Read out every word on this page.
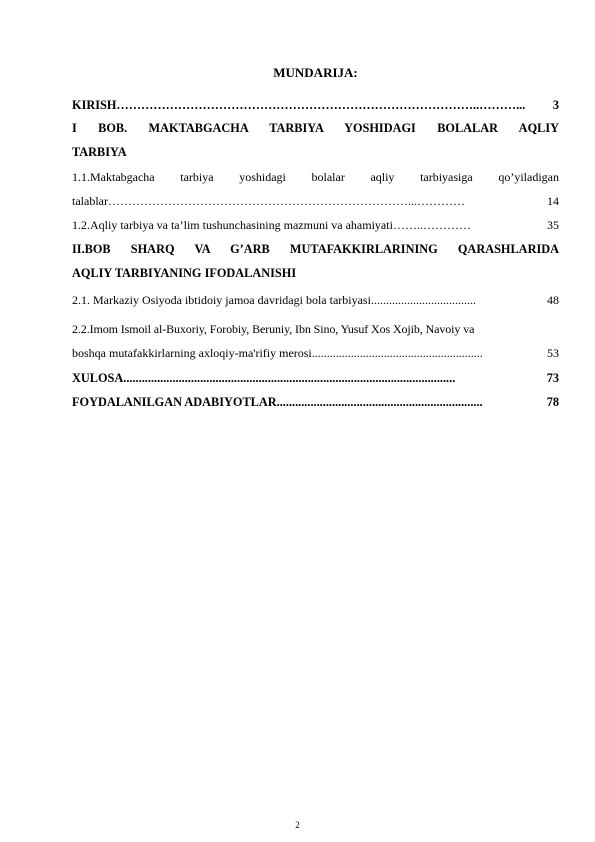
MUNDARIJA:
KIRISH ……………………………………………………………………………..………...	3
I BOB. MAKTABGACHA TARBIYA YOSHIDAGI BOLALAR AQLIY
TARBIYA
1.1.Maktabgacha tarbiya yoshidagi bolalar aqliy tarbiyasiga qo’yiladigan
talablar …………………………………………………………………...…………	14
1.2.Aqliy tarbiya va ta’lim tushunchasining mazmuni va ahamiyati ……..…………	35
II.BOB SHARQ VA G’ARB MUTAFAKKIRLARINING QARASHLARIDA
AQLIY TARBIYANING IFODALANISHI
2.1. Markaziy Osiyoda ibtidoiy jamoa davridagi bola tarbiyasi ...................................	48
2.2.Imom Ismoil al-Buxoriy, Forobiy, Beruniy, Ibn Sino, Yusuf Xos Xojib, Navoiy va
boshqa mutafakkirlarning axloqiy-ma'rifiy merosi .........................................................	53
XULOSA ............................................................................................................	73
FOYDALANILGAN ADABIYOTLAR ...................................................................	78
2
